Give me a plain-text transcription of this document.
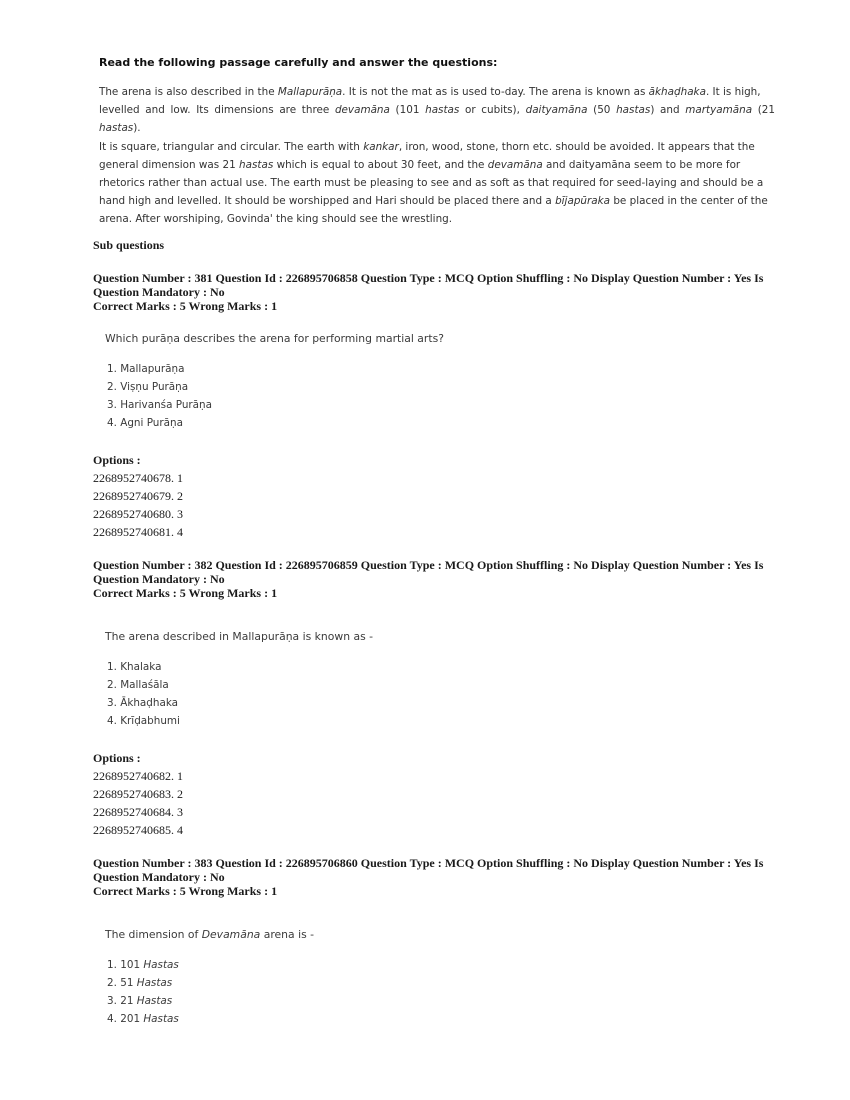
Read the following passage carefully and answer the questions:

The arena is also described in the Mallapurāṇa. It is not the mat as is used to-day. The arena is known as ākhaḍhaka. It is high,
levelled and low. Its dimensions are three devamāna (101 hastas or cubits), daityamāna (50 hastas) and martyamāna (21 hastas).
It is square, triangular and circular. The earth with kankar, iron, wood, stone, thorn etc. should be avoided. It appears that the
general dimension was 21 hastas which is equal to about 30 feet, and the devamāna and daityamāna seem to be more for
rhetorics rather than actual use. The earth must be pleasing to see and as soft as that required for seed-laying and should be a
hand high and levelled. It should be worshipped and Hari should be placed there and a bījapūraka be placed in the center of the
arena. After worshiping, Govinda' the king should see the wrestling.

Sub questions

Question Number : 381 Question Id : 226895706858 Question Type : MCQ Option Shuffling : No Display Question Number : Yes Is
Question Mandatory : No
Correct Marks : 5 Wrong Marks : 1

Which purāṇa describes the arena for performing martial arts?

1. Mallapurāṇa
2. Viṣṇu Purāṇa
3. Harivanśa Purāṇa
4. Agni Purāṇa
Options :
2268952740678. 1
2268952740679. 2
2268952740680. 3
2268952740681. 4

Question Number : 382 Question Id : 226895706859 Question Type : MCQ Option Shuffling : No Display Question Number : Yes Is
Question Mandatory : No
Correct Marks : 5 Wrong Marks : 1

The arena described in Mallapurāṇa is known as -

1. Khalaka
2. Mallaśāla
3. Ākhaḍhaka
4. Krīḍabhumi
Options :
2268952740682. 1
2268952740683. 2
2268952740684. 3
2268952740685. 4

Question Number : 383 Question Id : 226895706860 Question Type : MCQ Option Shuffling : No Display Question Number : Yes Is
Question Mandatory : No
Correct Marks : 5 Wrong Marks : 1

The dimension of Devamāna arena is -

1. 101 Hastas
2. 51 Hastas
3. 21 Hastas
4. 201 Hastas
